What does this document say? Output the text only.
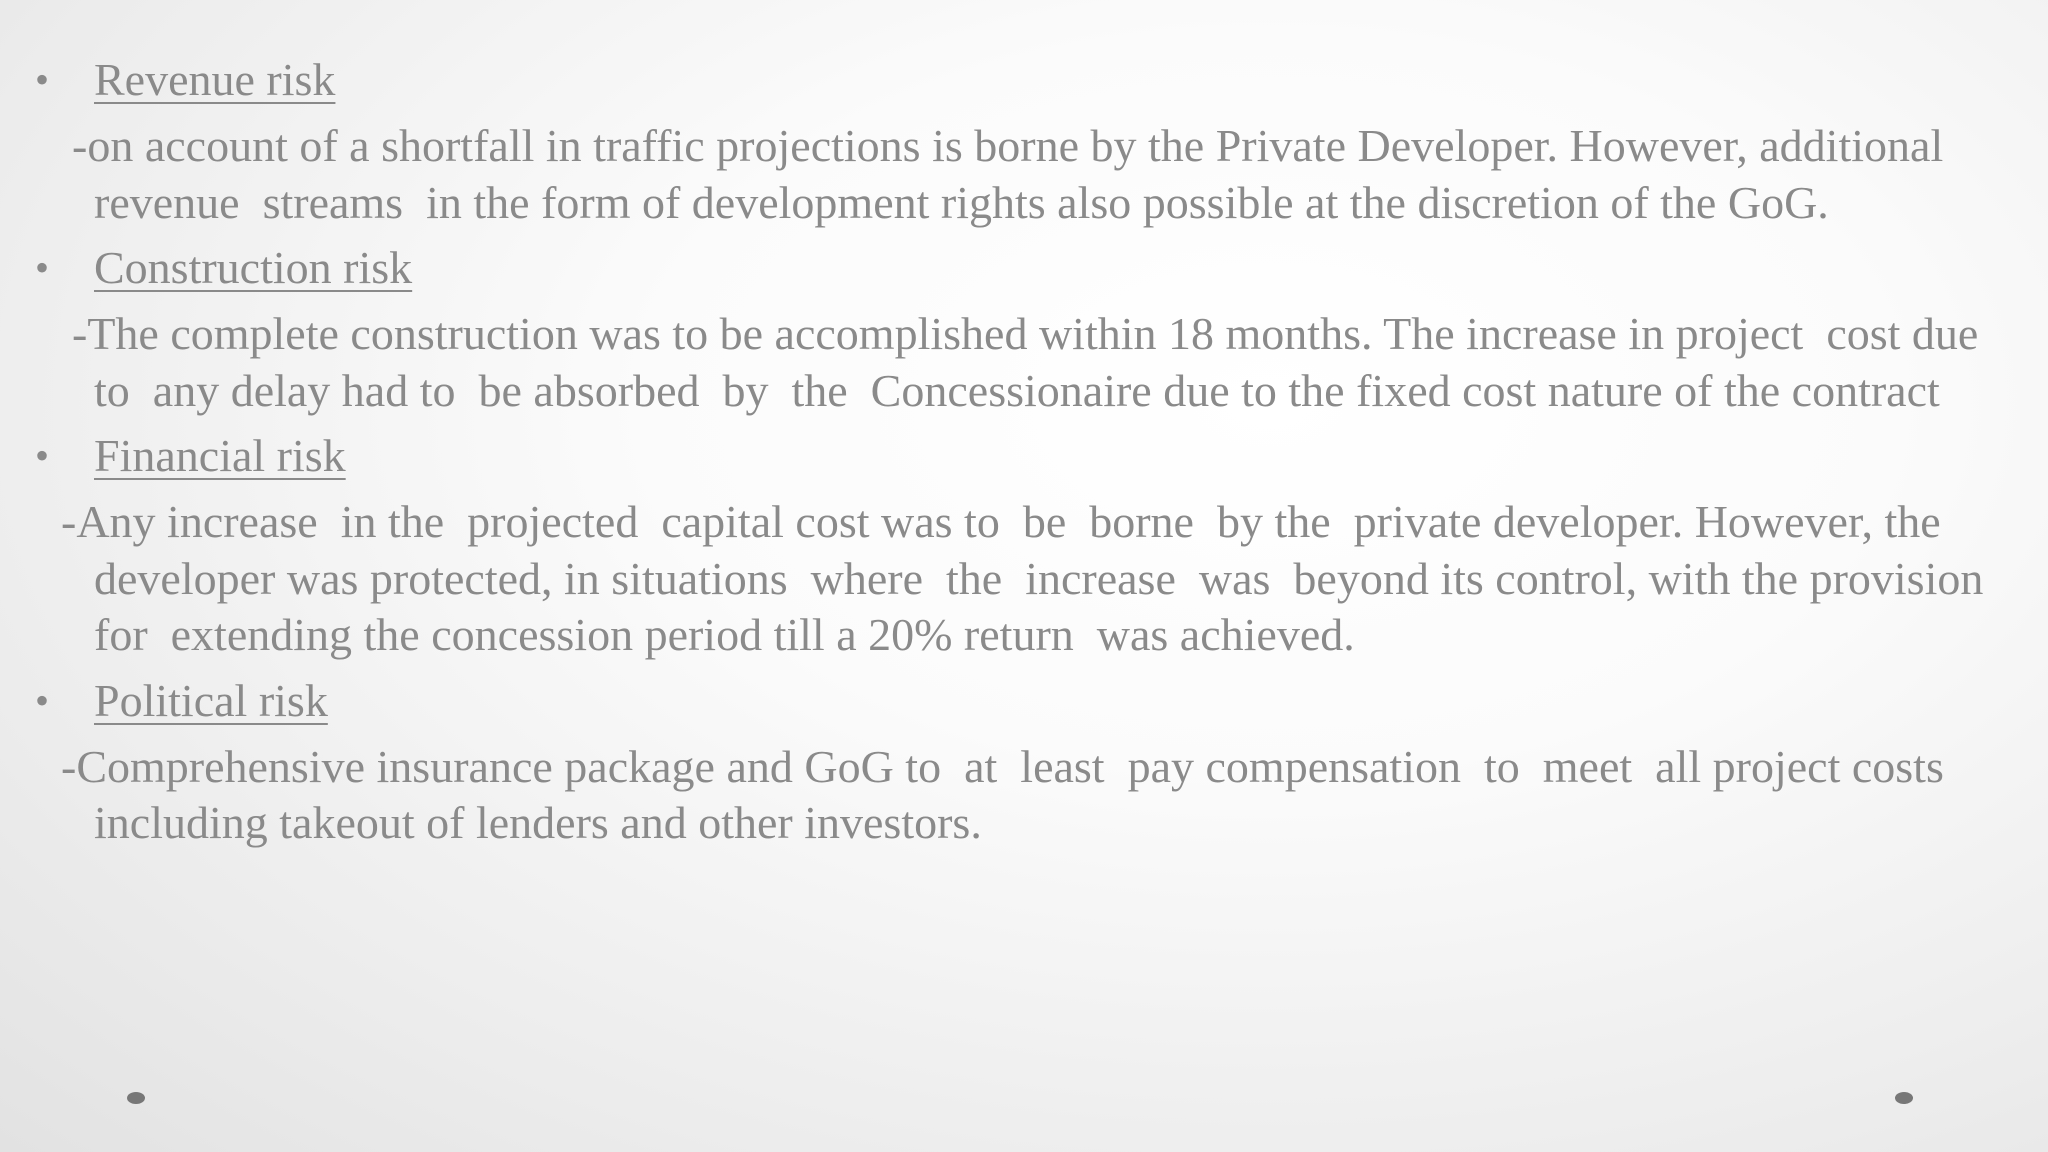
• Revenue risk
-on account of a shortfall in traffic projections is borne by the Private Developer. However, additional revenue  streams  in the form of development rights also possible at the discretion of the GoG.
• Construction risk
-The complete construction was to be accomplished within 18 months. The increase in project  cost due to  any delay had to  be absorbed  by  the  Concessionaire due to the fixed cost nature of the contract
• Financial risk
-Any increase  in the  projected  capital cost was to  be  borne  by the  private developer. However, the developer was protected, in situations  where  the  increase  was  beyond its control, with the provision for  extending the concession period till a 20% return  was achieved.
• Political risk
-Comprehensive insurance package and GoG to  at  least  pay compensation  to  meet  all project costs including takeout of lenders and other investors.
